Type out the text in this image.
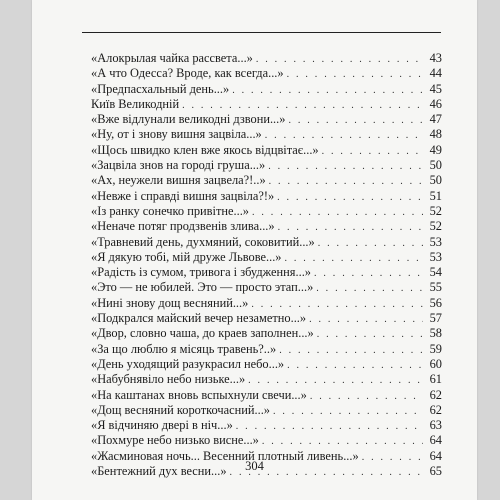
«Алокрылая чайка рассвета...» . . .	43
«А что Одесса? Вроде, как всегда...» . . .	44
«Предпасхальный день...» . . .	45
Київ Великодній . . .	46
«Вже відлунали великодні дзвони...» . . .	47
«Ну, от і знову вишня зацвіла...» . . .	48
«Щось швидко клен вже якось відцвітає...» . . .	49
«Зацвіла знов на городі груша...» . . .	50
«Ах, неужели вишня зацвела?!..» . . .	50
«Невже і справді вишня зацвіла?!» . . .	51
«Із ранку сонечко привітне...» . . .	52
«Неначе потяг продзвенів злива...» . . .	52
«Травневий день, духмяний, соковитий...» . . .	53
«Я дякую тобі, мій друже Львове...» . . .	53
«Радість із сумом, тривога і збудження...» . . .	54
«Это — не юбилей. Это — просто этап...» . . .	55
«Нині знову дощ весняний...» . . .	56
«Подкрался майский вечер незаметно...» . . .	57
«Двор, словно чаша, до краев заполнен...» . . .	58
«За що люблю я місяць травень?..» . . .	59
«День уходящий разукрасил небо...» . . .	60
«Набубнявіло небо низьке...» . . .	61
«На каштанах вновь вспыхнули свечи...» . . .	62
«Дощ весняний короткочасний...» . . .	62
«Я відчиняю двері в ніч...» . . .	63
«Похмуре небо низько висне...» . . .	64
«Жасминовая ночь... Весенний плотный ливень...» . . .	64
«Бентежний дух весни...» . . .	65
304
